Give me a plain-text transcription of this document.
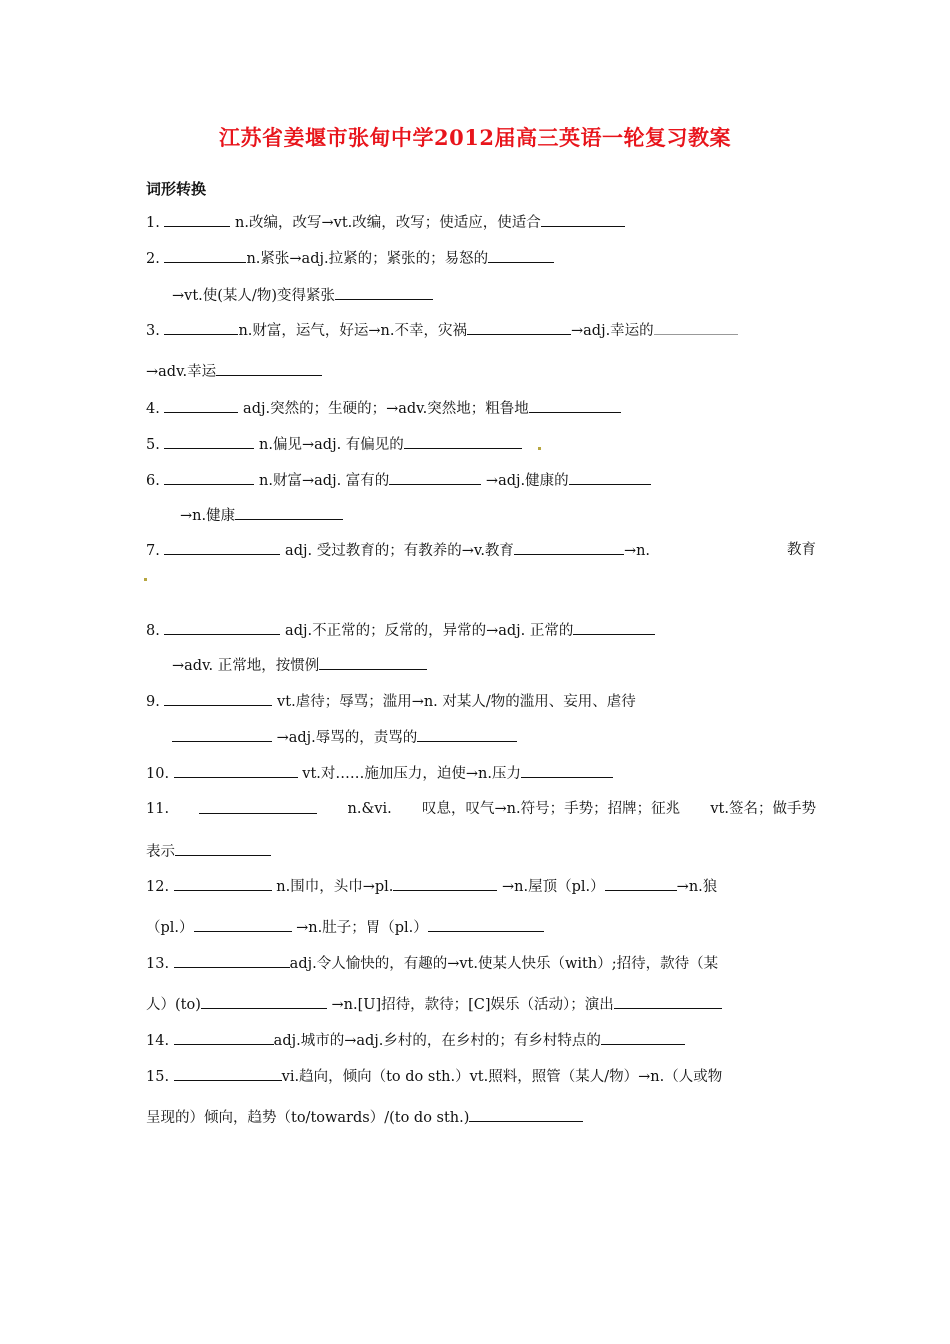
江苏省姜堰市张甸中学2012届高三英语一轮复习教案
词形转换
1.	n.改编，改写→vt.改编，改写；使适应，使适合
2.	n.紧张→adj.拉紧的；紧张的；易怒的
→vt.使(某人/物)变得紧张
3.	n.财富，运气，好运→n.不幸，灾祸	→adj.幸运的
→adv.幸运
4.	adj.突然的；生硬的；→adv.突然地；粗鲁地
5.	n.偏见→adj. 有偏见的
6.	n.财富→adj. 富有的	→adj.健康的
→n.健康
7.	adj. 受过教育的；有教养的→v.教育	→n.	教育
8.	adj.不正常的；反常的，异常的→adj. 正常的
→adv. 正常地，按惯例
9.	vt.虐待；辱骂；滥用→n. 对某人/物的滥用、妄用、虐待
→adj.辱骂的，责骂的
10.	vt.对……施加压力，迫使→n.压力
11.	n.&vi. 叹息，叹气→n.符号；手势；招牌；征兆 vt.签名；做手势
表示
12.	n.围巾，头巾→pl.	→n.屋顶（pl.）	→n.狼
（pl.）	→n.肚子；胃（pl.）
13.	adj.令人愉快的，有趣的→vt.使某人快乐（with）;招待，款待（某
人）(to)	→n.[U]招待，款待；[C]娱乐（活动）；演出
14.	adj.城市的→adj.乡村的，在乡村的；有乡村特点的
15.	vi.趋向，倾向（to do sth.）vt.照料，照管（某人/物）→n.（人或物
呈现的）倾向，趋势（to/towards）/(to do sth.)
